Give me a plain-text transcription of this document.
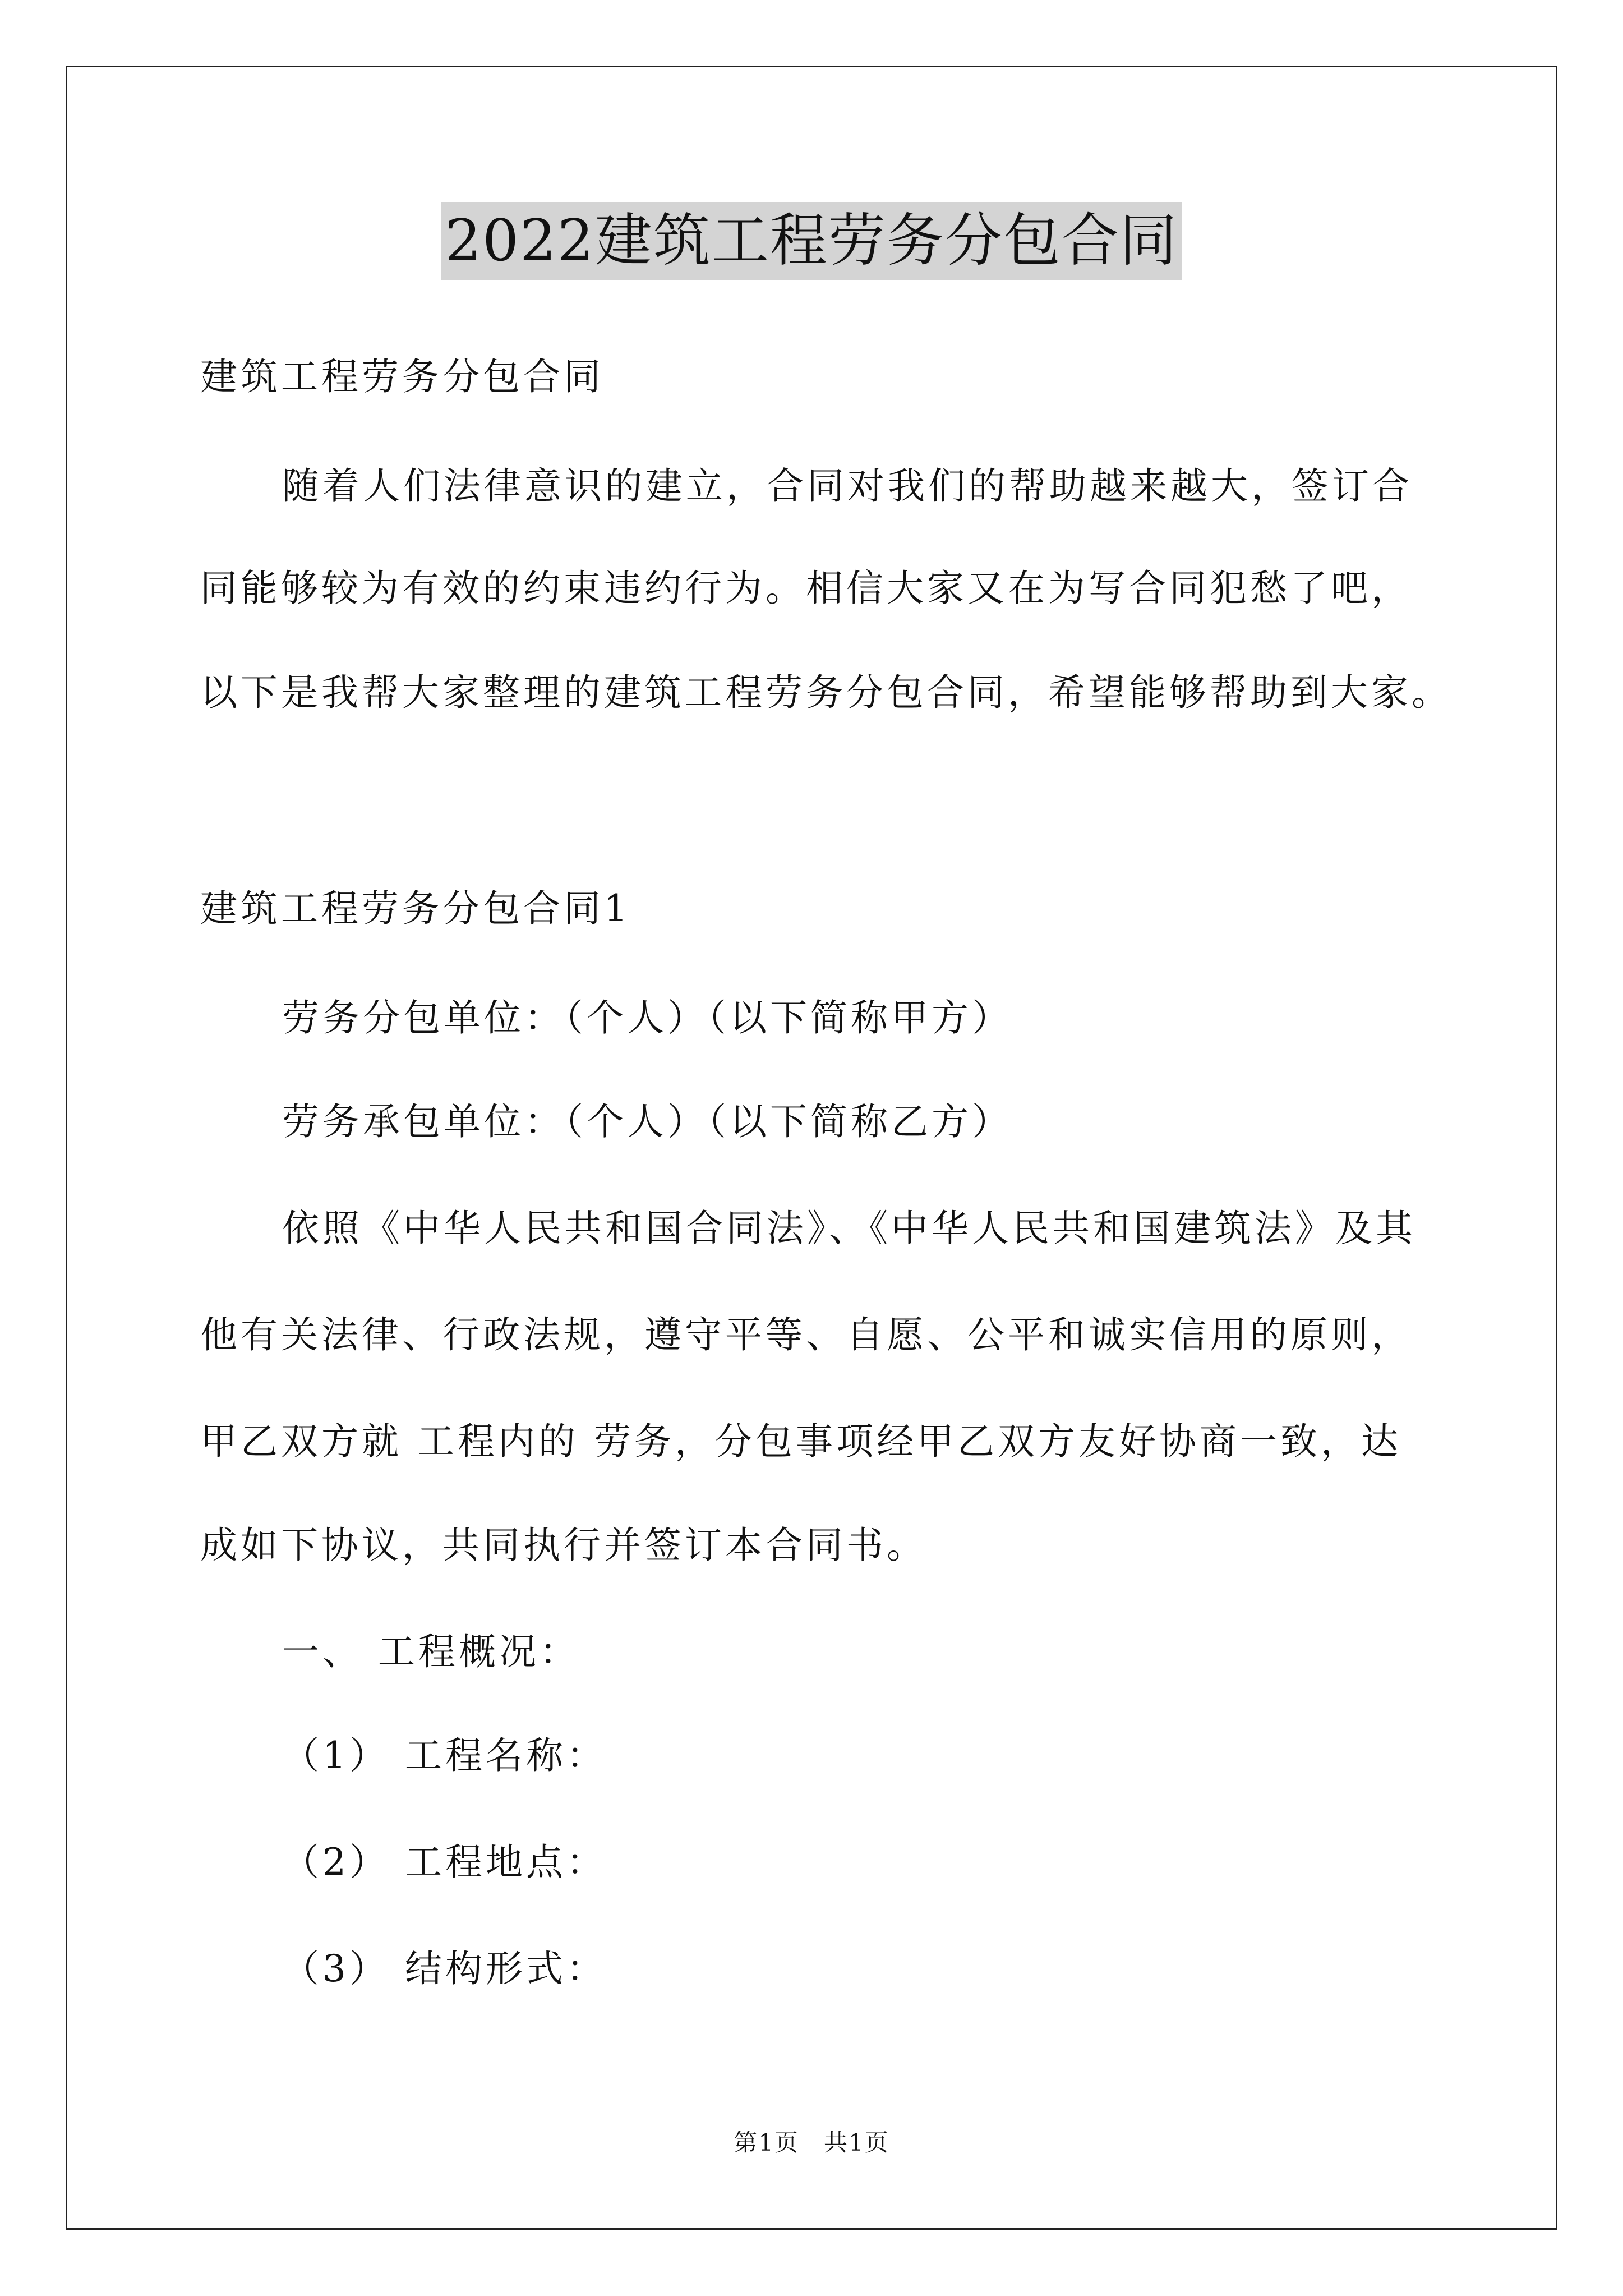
2022建筑工程劳务分包合同
建筑工程劳务分包合同
随着人们法律意识的建立，合同对我们的帮助越来越大，签订合
同能够较为有效的约束违约行为。相信大家又在为写合同犯愁了吧，
以下是我帮大家整理的建筑工程劳务分包合同，希望能够帮助到大家。
建筑工程劳务分包合同1
劳务分包单位：（个人）（以下简称甲方）
劳务承包单位：（个人）（以下简称乙方）
依照《中华人民共和国合同法》、《中华人民共和国建筑法》及其
他有关法律、行政法规，遵守平等、自愿、公平和诚实信用的原则，
甲乙双方就 工程内的 劳务，分包事项经甲乙双方友好协商一致，达
成如下协议，共同执行并签订本合同书。
一、 工程概况：
（1） 工程名称：
（2） 工程地点：
（3） 结构形式：
第1页　共1页
